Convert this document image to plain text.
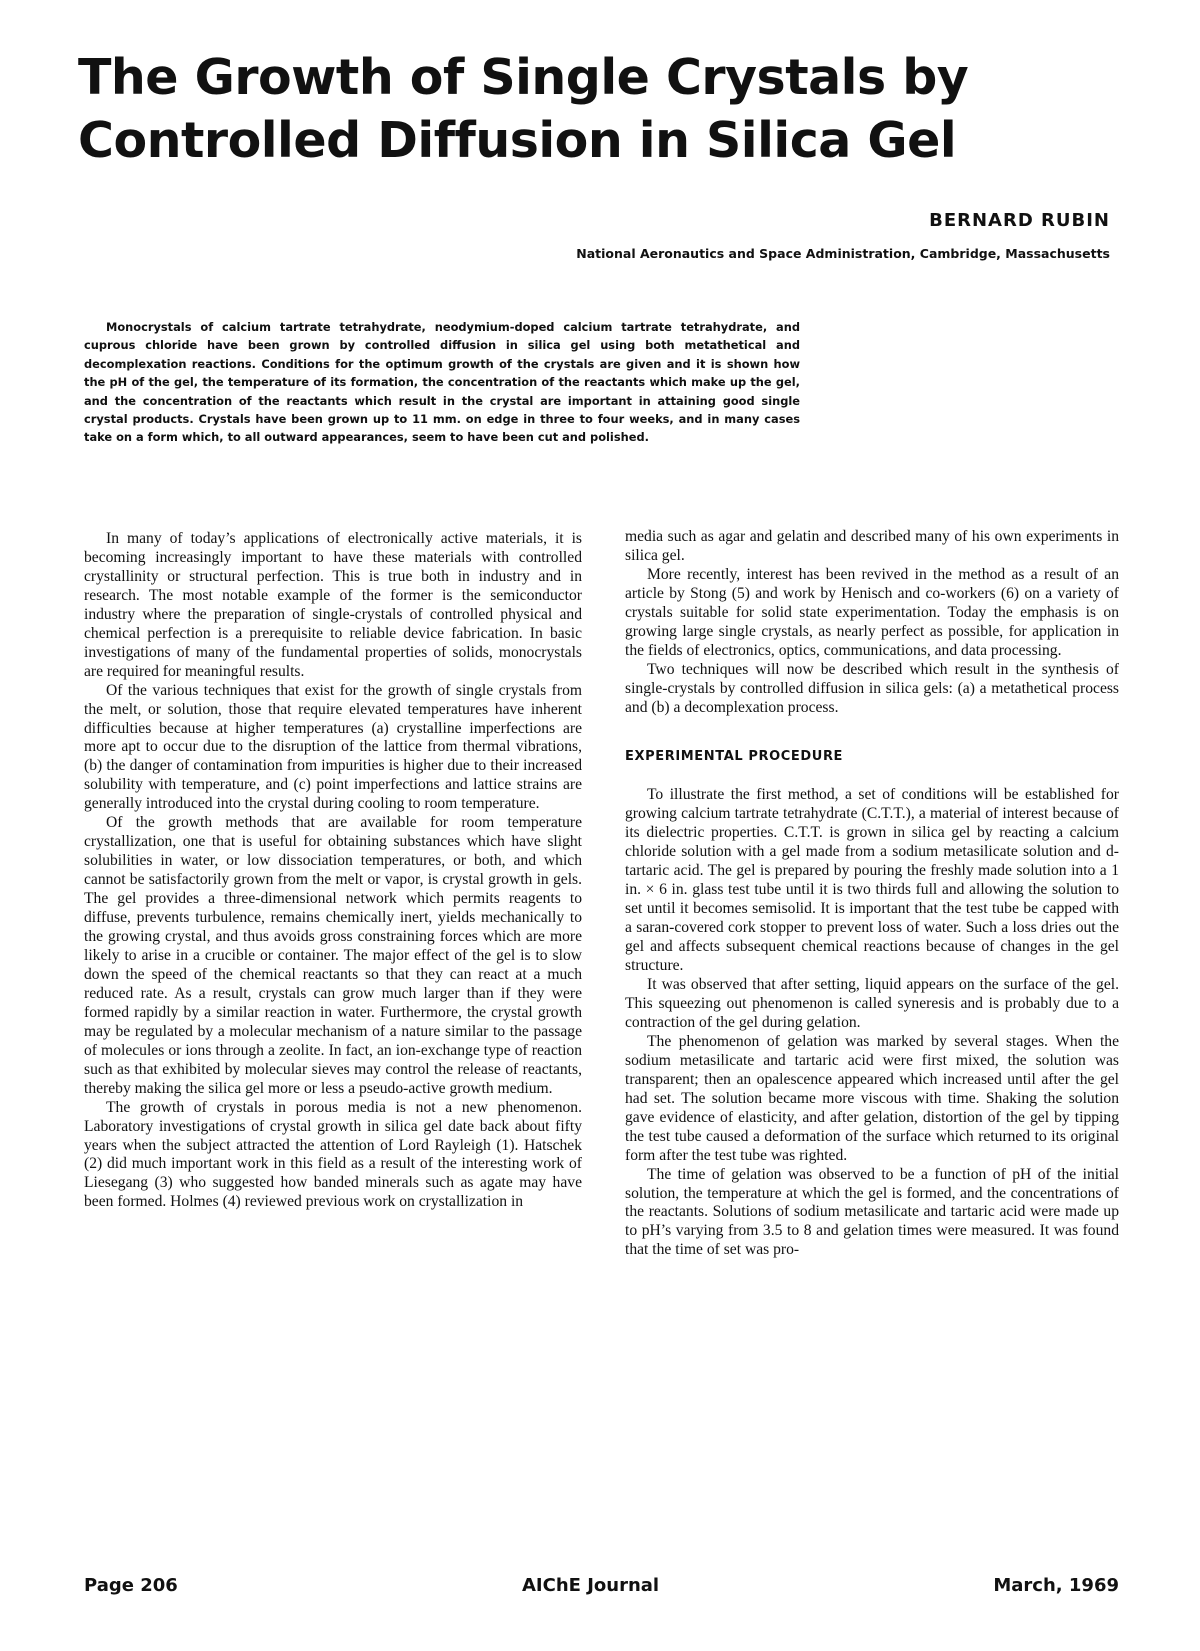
The Growth of Single Crystals by
Controlled Diffusion in Silica Gel
BERNARD RUBIN
National Aeronautics and Space Administration, Cambridge, Massachusetts

Monocrystals of calcium tartrate tetrahydrate, neodymium-doped calcium tartrate tetrahydrate, and cuprous chloride have been grown by controlled diffusion in silica gel using both metathetical and decomplexation reactions. Conditions for the optimum growth of the crystals are given and it is shown how the pH of the gel, the temperature of its formation, the concentration of the reactants which make up the gel, and the concentration of the reactants which result in the crystal are important in attaining good single crystal products. Crystals have been grown up to 11 mm. on edge in three to four weeks, and in many cases take on a form which, to all outward appearances, seem to have been cut and polished.

In many of today’s applications of electronically active materials, it is becoming increasingly important to have these materials with controlled crystallinity or structural perfection. This is true both in industry and in research. The most notable example of the former is the semiconductor industry where the preparation of single-crystals of controlled physical and chemical perfection is a prerequisite to reliable device fabrication. In basic investigations of many of the fundamental properties of solids, monocrystals are required for meaningful results.

Of the various techniques that exist for the growth of single crystals from the melt, or solution, those that require elevated temperatures have inherent difficulties because at higher temperatures (a) crystalline imperfections are more apt to occur due to the disruption of the lattice from thermal vibrations, (b) the danger of contamination from impurities is higher due to their increased solubility with temperature, and (c) point imperfections and lattice strains are generally introduced into the crystal during cooling to room temperature.

Of the growth methods that are available for room temperature crystallization, one that is useful for obtaining substances which have slight solubilities in water, or low dissociation temperatures, or both, and which cannot be satisfactorily grown from the melt or vapor, is crystal growth in gels. The gel provides a three-dimensional network which permits reagents to diffuse, prevents turbulence, remains chemically inert, yields mechanically to the growing crystal, and thus avoids gross constraining forces which are more likely to arise in a crucible or container. The major effect of the gel is to slow down the speed of the chemical reactants so that they can react at a much reduced rate. As a result, crystals can grow much larger than if they were formed rapidly by a similar reaction in water. Furthermore, the crystal growth may be regulated by a molecular mechanism of a nature similar to the passage of molecules or ions through a zeolite. In fact, an ion-exchange type of reaction such as that exhibited by molecular sieves may control the release of reactants, thereby making the silica gel more or less a pseudo-active growth medium.

The growth of crystals in porous media is not a new phenomenon. Laboratory investigations of crystal growth in silica gel date back about fifty years when the subject attracted the attention of Lord Rayleigh (1). Hatschek (2) did much important work in this field as a result of the interesting work of Liesegang (3) who suggested how banded minerals such as agate may have been formed. Holmes (4) reviewed previous work on crystallization in

media such as agar and gelatin and described many of his own experiments in silica gel.

More recently, interest has been revived in the method as a result of an article by Stong (5) and work by Henisch and co-workers (6) on a variety of crystals suitable for solid state experimentation. Today the emphasis is on growing large single crystals, as nearly perfect as possible, for application in the fields of electronics, optics, communications, and data processing.

Two techniques will now be described which result in the synthesis of single-crystals by controlled diffusion in silica gels: (a) a metathetical process and (b) a decomplexation process.

EXPERIMENTAL PROCEDURE

To illustrate the first method, a set of conditions will be established for growing calcium tartrate tetrahydrate (C.T.T.), a material of interest because of its dielectric properties. C.T.T. is grown in silica gel by reacting a calcium chloride solution with a gel made from a sodium metasilicate solution and d-tartaric acid. The gel is prepared by pouring the freshly made solution into a 1 in. × 6 in. glass test tube until it is two thirds full and allowing the solution to set until it becomes semisolid. It is important that the test tube be capped with a saran-covered cork stopper to prevent loss of water. Such a loss dries out the gel and affects subsequent chemical reactions because of changes in the gel structure.

It was observed that after setting, liquid appears on the surface of the gel. This squeezing out phenomenon is called syneresis and is probably due to a contraction of the gel during gelation.

The phenomenon of gelation was marked by several stages. When the sodium metasilicate and tartaric acid were first mixed, the solution was transparent; then an opalescence appeared which increased until after the gel had set. The solution became more viscous with time. Shaking the solution gave evidence of elasticity, and after gelation, distortion of the gel by tipping the test tube caused a deformation of the surface which returned to its original form after the test tube was righted.

The time of gelation was observed to be a function of pH of the initial solution, the temperature at which the gel is formed, and the concentrations of the reactants. Solutions of sodium metasilicate and tartaric acid were made up to pH’s varying from 3.5 to 8 and gelation times were measured. It was found that the time of set was pro-

Page 206	AIChE Journal	March, 1969
